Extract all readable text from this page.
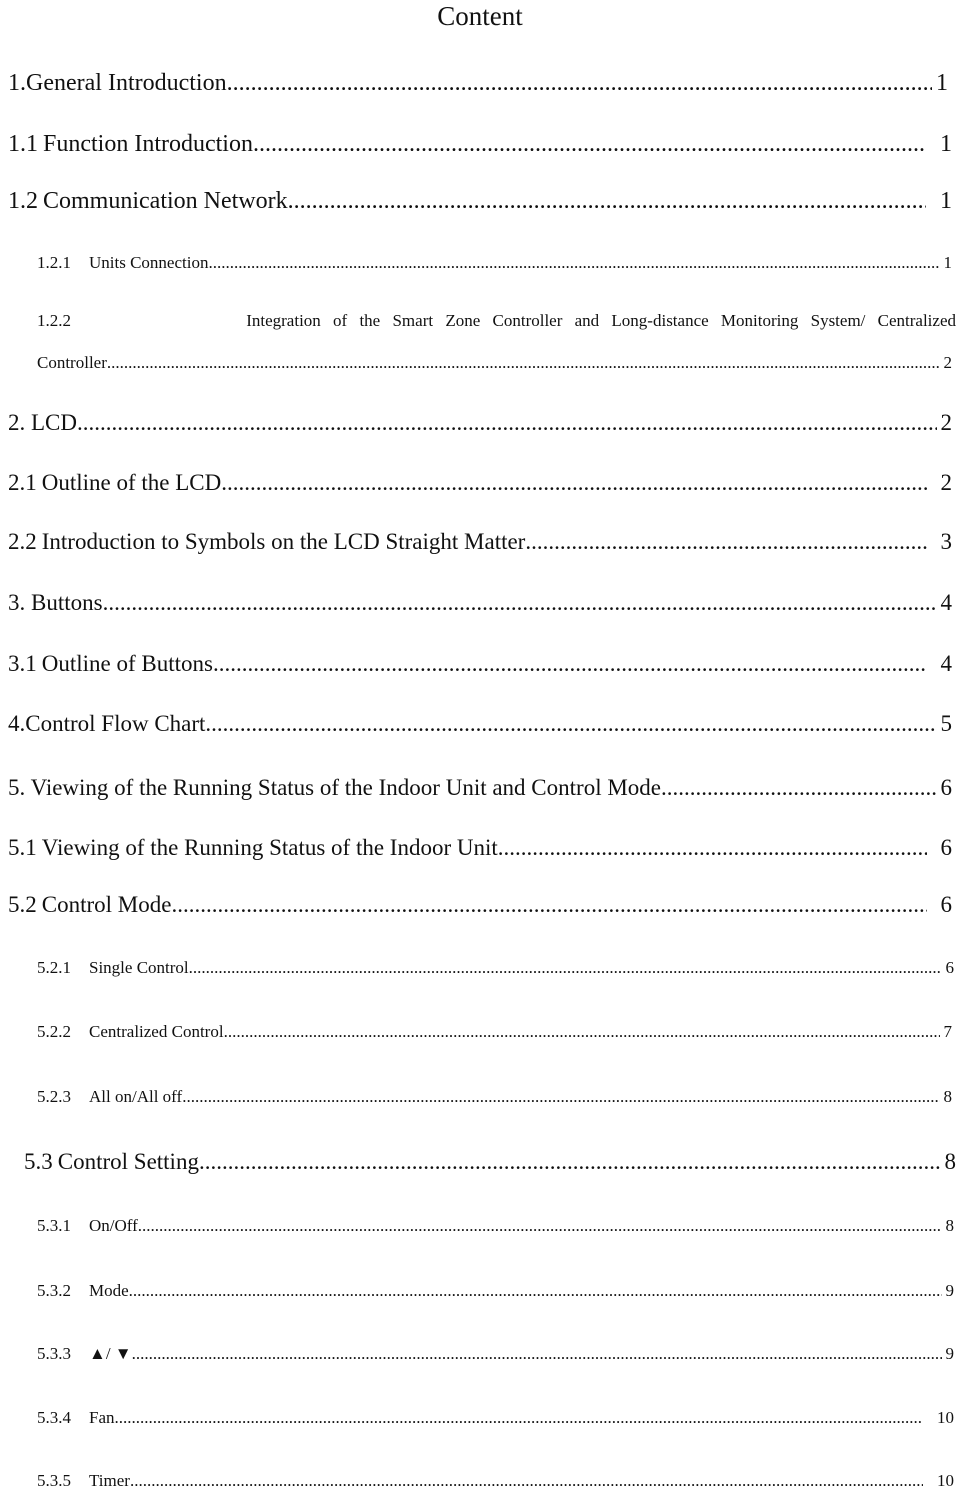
Content
1.General Introduction .....	1
1.1 Function Introduction .....	1
1.2 Communication Network .....	1
1.2.1	Units Connection .....	1
1.2.2	Integration of the Smart Zone Controller and Long-distance Monitoring System/ Centralized
Controller .....	2
2. LCD .....	2
2.1 Outline of the LCD .....	2
2.2 Introduction to Symbols on the LCD Straight Matter .....	3
3. Buttons .....	4
3.1 Outline of Buttons .....	4
4.Control Flow Chart .....	5
5. Viewing of the Running Status of the Indoor Unit and Control Mode .....	6
5.1 Viewing of the Running Status of the Indoor Unit .....	6
5.2 Control Mode .....	6
5.2.1	Single Control .....	6
5.2.2	Centralized Control .....	7
5.2.3	All on/All off .....	8
5.3 Control Setting .....	8
5.3.1	On/Off .....	8
5.3.2	Mode .....	9
5.3.3	▲/ ▼ .....	9
5.3.4	Fan .....	10
5.3.5	Timer .....	10
